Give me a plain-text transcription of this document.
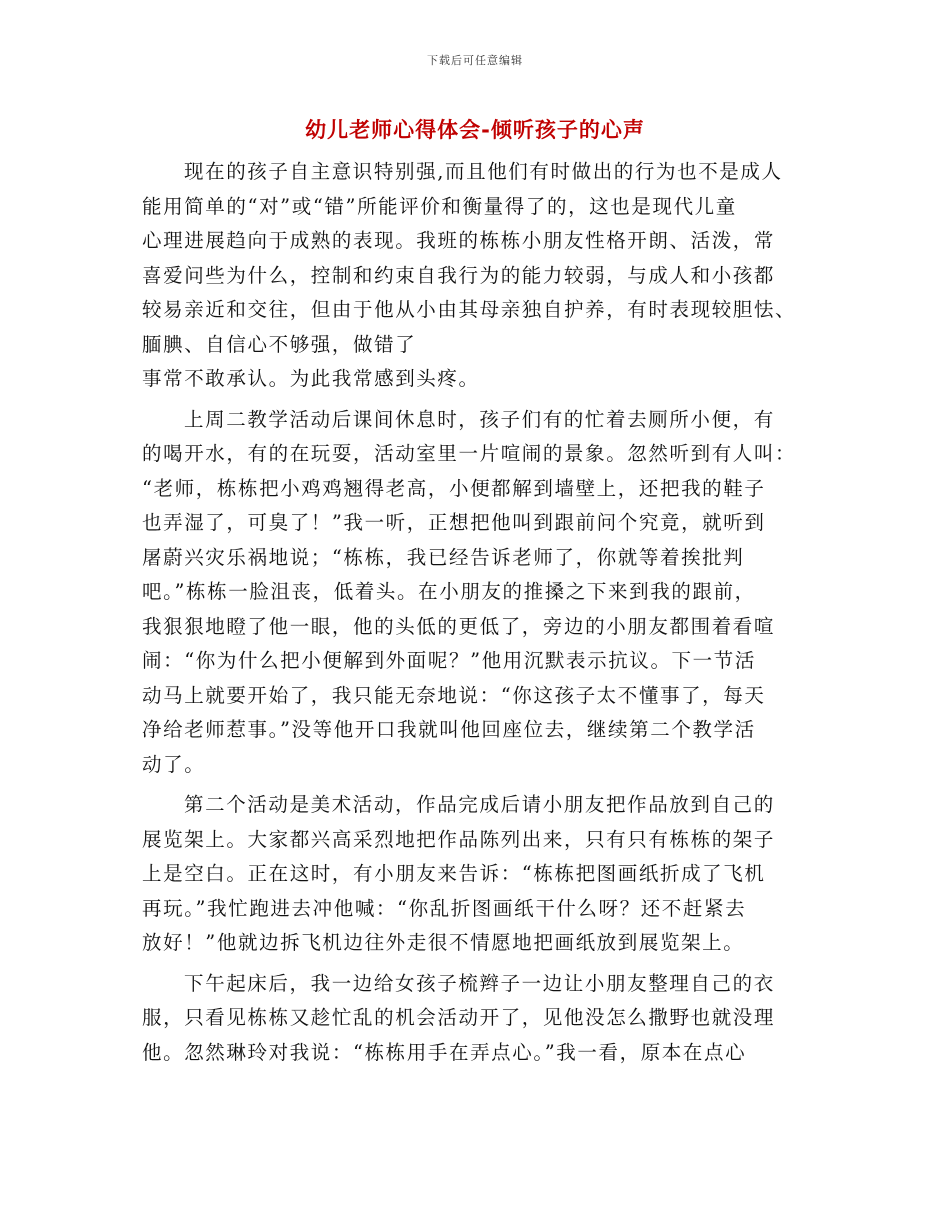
下载后可任意编辑
幼儿老师心得体会-倾听孩子的心声
现在的孩子自主意识特别强,而且他们有时做出的行为也不是成人
能用简单的“对”或“错”所能评价和衡量得了的，这也是现代儿童
心理进展趋向于成熟的表现。我班的栋栋小朋友性格开朗、活泼，常
喜爱问些为什么，控制和约束自我行为的能力较弱，与成人和小孩都
较易亲近和交往，但由于他从小由其母亲独自护养，有时表现较胆怯、
腼腆、自信心不够强，做错了
事常不敢承认。为此我常感到头疼。
上周二教学活动后课间休息时，孩子们有的忙着去厕所小便，有
的喝开水，有的在玩耍，活动室里一片喧闹的景象。忽然听到有人叫：
“老师，栋栋把小鸡鸡翘得老高，小便都解到墙壁上，还把我的鞋子
也弄湿了，可臭了！”我一听，正想把他叫到跟前问个究竟，就听到
屠蔚兴灾乐祸地说；“栋栋，我已经告诉老师了，你就等着挨批判
吧。”栋栋一脸沮丧，低着头。在小朋友的推搡之下来到我的跟前，
我狠狠地瞪了他一眼，他的头低的更低了，旁边的小朋友都围着看喧
闹：“你为什么把小便解到外面呢？”他用沉默表示抗议。下一节活
动马上就要开始了，我只能无奈地说：“你这孩子太不懂事了，每天
净给老师惹事。”没等他开口我就叫他回座位去，继续第二个教学活
动了。
第二个活动是美术活动，作品完成后请小朋友把作品放到自己的
展览架上。大家都兴高采烈地把作品陈列出来，只有只有栋栋的架子
上是空白。正在这时，有小朋友来告诉：“栋栋把图画纸折成了飞机
再玩。”我忙跑进去冲他喊：“你乱折图画纸干什么呀？还不赶紧去
放好！”他就边拆飞机边往外走很不情愿地把画纸放到展览架上。
下午起床后，我一边给女孩子梳辫子一边让小朋友整理自己的衣
服，只看见栋栋又趁忙乱的机会活动开了，见他没怎么撒野也就没理
他。忽然琳玲对我说：“栋栋用手在弄点心。”我一看，原本在点心
